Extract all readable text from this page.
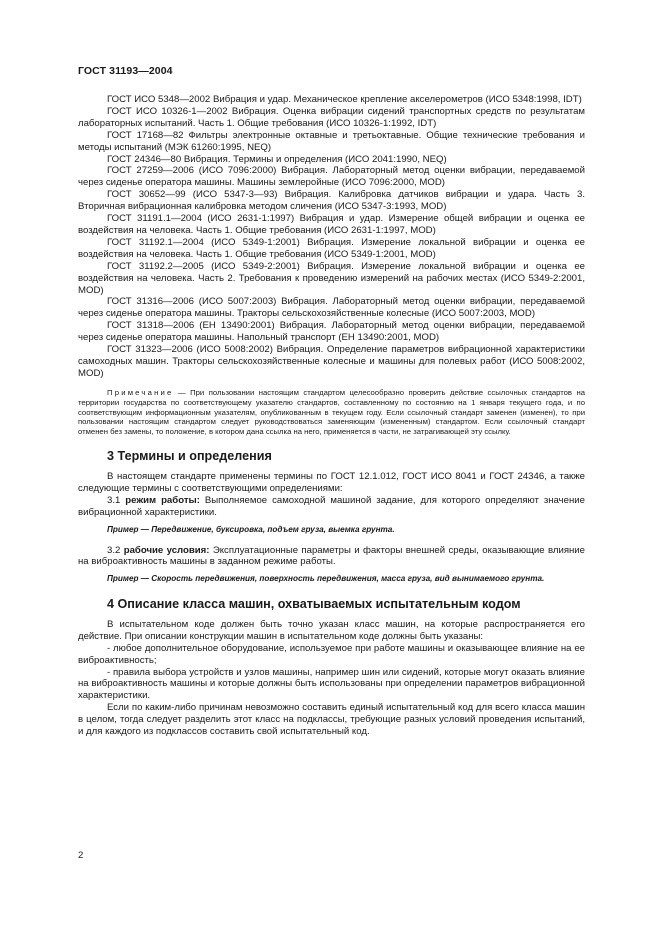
ГОСТ 31193—2004

ГОСТ ИСО 5348—2002 Вибрация и удар. Механическое крепление акселерометров (ИСО 5348:1998, IDT)

ГОСТ ИСО 10326-1—2002 Вибрация. Оценка вибрации сидений транспортных средств по результатам лабораторных испытаний. Часть 1. Общие требования (ИСО 10326-1:1992, IDT)

ГОСТ 17168—82 Фильтры электронные октавные и третьоктавные. Общие технические требования и методы испытаний (МЭК 61260:1995, NEQ)

ГОСТ 24346—80 Вибрация. Термины и определения (ИСО 2041:1990, NEQ)

ГОСТ 27259—2006 (ИСО 7096:2000) Вибрация. Лабораторный метод оценки вибрации, передаваемой через сиденье оператора машины. Машины землеройные (ИСО 7096:2000, MOD)

ГОСТ 30652—99 (ИСО 5347-3—93) Вибрация. Калибровка датчиков вибрации и удара. Часть 3. Вторичная вибрационная калибровка методом сличения (ИСО 5347-3:1993, MOD)

ГОСТ 31191.1—2004 (ИСО 2631-1:1997) Вибрация и удар. Измерение общей вибрации и оценка ее воздействия на человека. Часть 1. Общие требования (ИСО 2631-1:1997, MOD)

ГОСТ 31192.1—2004 (ИСО 5349-1:2001) Вибрация. Измерение локальной вибрации и оценка ее воздействия на человека. Часть 1. Общие требования (ИСО 5349-1:2001, MOD)

ГОСТ 31192.2—2005 (ИСО 5349-2:2001) Вибрация. Измерение локальной вибрации и оценка ее воздействия на человека. Часть 2. Требования к проведению измерений на рабочих местах (ИСО 5349-2:2001, MOD)

ГОСТ 31316—2006 (ИСО 5007:2003) Вибрация. Лабораторный метод оценки вибрации, передаваемой через сиденье оператора машины. Тракторы сельскохозяйственные колесные (ИСО 5007:2003, MOD)

ГОСТ 31318—2006 (ЕН 13490:2001) Вибрация. Лабораторный метод оценки вибрации, передаваемой через сиденье оператора машины. Напольный транспорт (ЕН 13490:2001, MOD)

ГОСТ 31323—2006 (ИСО 5008:2002) Вибрация. Определение параметров вибрационной характеристики самоходных машин. Тракторы сельскохозяйственные колесные и машины для полевых работ (ИСО 5008:2002, MOD)

Примечание — При пользовании настоящим стандартом целесообразно проверить действие ссылочных стандартов на территории государства по соответствующему указателю стандартов, составленному по состоянию на 1 января текущего года, и по соответствующим информационным указателям, опубликованным в текущем году. Если ссылочный стандарт заменен (изменен), то при пользовании настоящим стандартом следует руководствоваться заменяющим (измененным) стандартом. Если ссылочный стандарт отменен без замены, то положение, в котором дана ссылка на него, применяется в части, не затрагивающей эту ссылку.

3 Термины и определения

В настоящем стандарте применены термины по ГОСТ 12.1.012, ГОСТ ИСО 8041 и ГОСТ 24346, а также следующие термины с соответствующими определениями:

3.1 режим работы: Выполняемое самоходной машиной задание, для которого определяют значение вибрационной характеристики.

Пример — Передвижение, буксировка, подъем груза, выемка грунта.

3.2 рабочие условия: Эксплуатационные параметры и факторы внешней среды, оказывающие влияние на виброактивность машины в заданном режиме работы.

Пример — Скорость передвижения, поверхность передвижения, масса груза, вид вынимаемого грунта.

4 Описание класса машин, охватываемых испытательным кодом

В испытательном коде должен быть точно указан класс машин, на которые распространяется его действие. При описании конструкции машин в испытательном коде должны быть указаны:

- любое дополнительное оборудование, используемое при работе машины и оказывающее влияние на ее виброактивность;

- правила выбора устройств и узлов машины, например шин или сидений, которые могут оказать влияние на виброактивность машины и которые должны быть использованы при определении параметров вибрационной характеристики.

Если по каким-либо причинам невозможно составить единый испытательный код для всего класса машин в целом, тогда следует разделить этот класс на подклассы, требующие разных условий проведения испытаний, и для каждого из подклассов составить свой испытательный код.

2
